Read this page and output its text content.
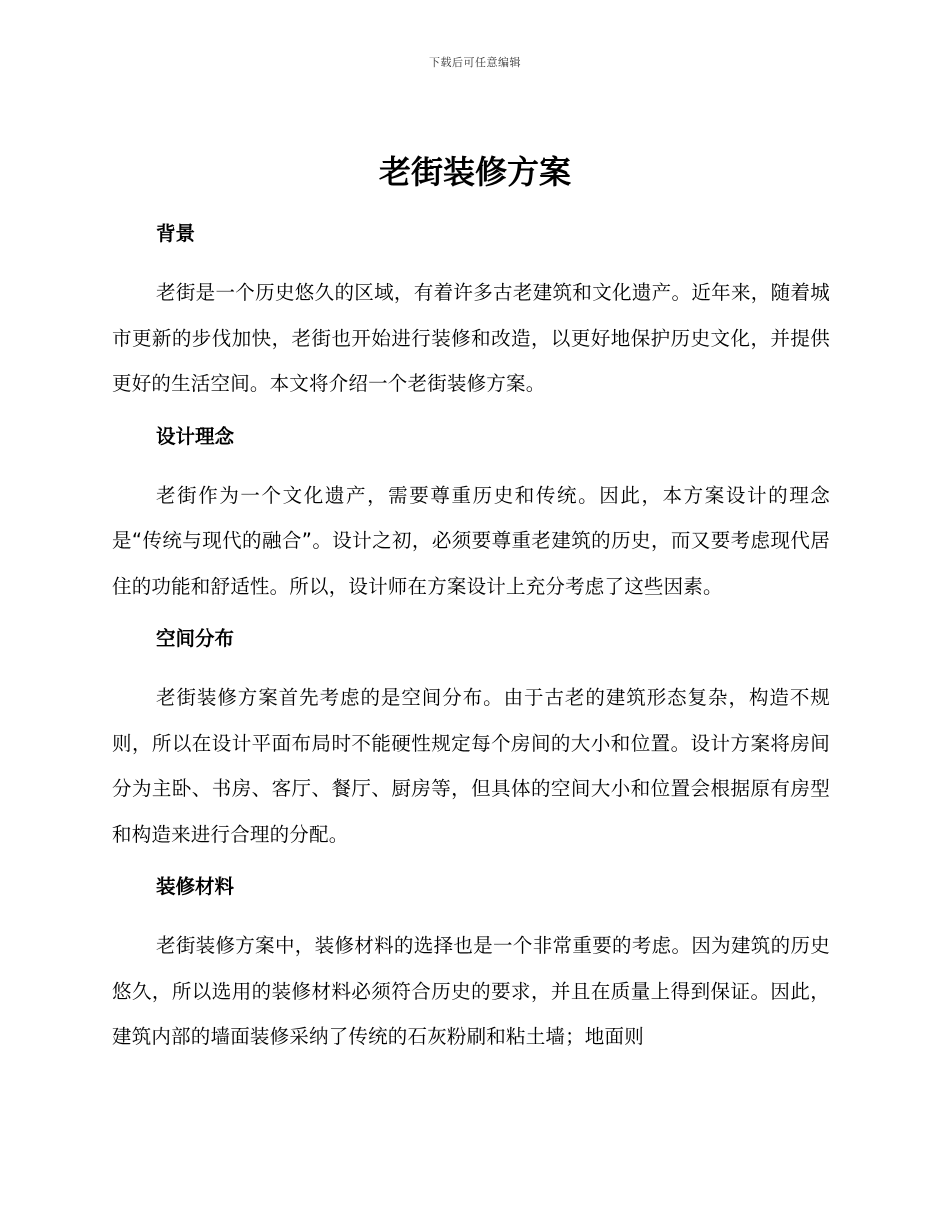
下载后可任意编辑
老街装修方案
背景

老街是一个历史悠久的区域，有着许多古老建筑和文化遗产。近年来，随着城市更新的步伐加快，老街也开始进行装修和改造，以更好地保护历史文化，并提供更好的生活空间。本文将介绍一个老街装修方案。

设计理念

老街作为一个文化遗产，需要尊重历史和传统。因此，本方案设计的理念是“传统与现代的融合”。设计之初，必须要尊重老建筑的历史，而又要考虑现代居住的功能和舒适性。所以，设计师在方案设计上充分考虑了这些因素。

空间分布

老街装修方案首先考虑的是空间分布。由于古老的建筑形态复杂，构造不规则，所以在设计平面布局时不能硬性规定每个房间的大小和位置。设计方案将房间分为主卧、书房、客厅、餐厅、厨房等，但具体的空间大小和位置会根据原有房型和构造来进行合理的分配。

装修材料

老街装修方案中，装修材料的选择也是一个非常重要的考虑。因为建筑的历史悠久，所以选用的装修材料必须符合历史的要求，并且在质量上得到保证。因此，建筑内部的墙面装修采纳了传统的石灰粉刷和粘土墙；地面则
